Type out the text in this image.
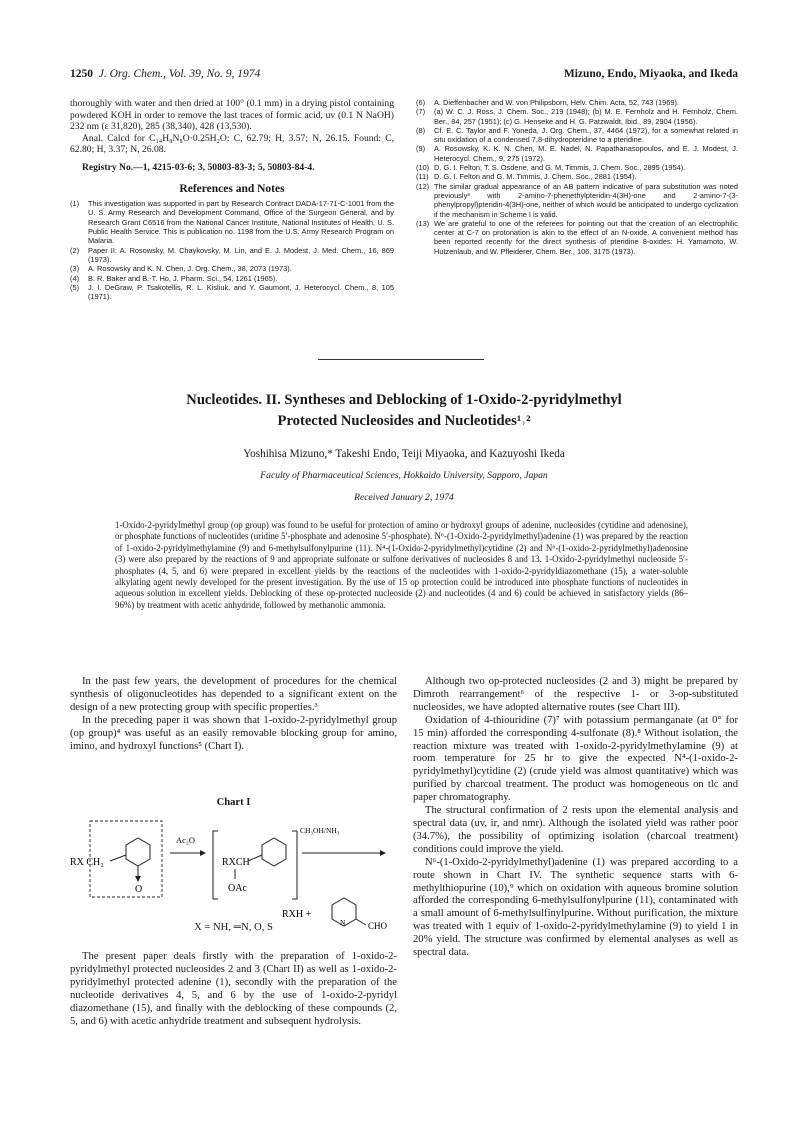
1250 J. Org. Chem., Vol. 39, No. 9, 1974	Mizuno, Endo, Miyaoka, and Ikeda

thoroughly with water and then dried at 100° (0.1 mm) in a drying pistol containing powdered KOH in order to remove the last traces of formic acid, uv (0.1 N NaOH) 232 nm (ε 31,820), 285 (38,340), 428 (13,530).

Anal. Calcd for C₁₄H₈N₈O·0.25H₂O: C, 62.79; H, 3.57; N, 26.15. Found: C, 62.80; H, 3.37; N, 26.08.

Registry No.—1, 4215-03-6; 3, 50803-83-3; 5, 50803-84-4.

References and Notes
(1)	This investigation was supported in part by Research Contract DADA-17-71-C-1001 from the U. S. Army Research and Development Command, Office of the Surgeon General, and by Research Grant C6516 from the National Cancer Institute, National Institutes of Health, U. S. Public Health Service. This is publication no. 1198 from the U.S. Army Research Program on Malaria.
(2)	Paper II: A. Rosowsky, M. Chaykovsky, M. Lin, and E. J. Modest, J. Med. Chem., 16, 869 (1973).
(3)	A. Rosowsky and K. N. Chen, J. Org. Chem., 38, 2073 (1973).
(4)	B. R. Baker and B.-T. Ho, J. Pharm. Sci., 54, 1261 (1965).
(5)	J. I. DeGraw, P. Tsakotellis, R. L. Kisliuk, and Y. Gaumont, J. Heterocycl. Chem., 8, 105 (1971).
(6)	A. Dieffenbacher and W. von Philipsborn, Helv. Chim. Acta, 52, 743 (1969).
(7)	(a) W. C. J. Ross, J. Chem. Soc., 219 (1948); (b) M. E. Fernholz and H. Fernholz, Chem. Ber., 84, 257 (1951); (c) G. Henseke and H. G. Patzwaldt, Ibid., 89, 2904 (1956).
(8)	Cf. E. C. Taylor and F. Yoneda, J. Org. Chem., 37, 4464 (1972), for a somewhat related in situ oxidation of a condensed 7,8-dihydropteridine to a pteridine.
(9)	A. Rosowsky, K. K. N. Chen, M. E. Nadel, N. Papathanasopoulos, and E. J. Modest, J. Heterocycl. Chem., 9, 275 (1972).
(10) D. G. I. Felton, T. S. Osdene, and G. M. Timmis, J. Chem. Soc., 2895 (1954).
(11) D. G. I. Felton and G. M. Timmis, J. Chem. Soc., 2881 (1954).
(12) The similar gradual appearance of an AB pattern indicative of para substitution was noted previously³ with 2-amino-7-phenethylpteridin-4(3H)-one and 2-amino-7-(3-phenylpropyl)pteridin-4(3H)-one, neither of which would be anticipated to undergo cyclization if the mechanism in Scheme I is valid.
(13) We are grateful to one of the referees for pointing out that the creation of an electrophilic center at C-7 on protonation is akin to the effect of an N-oxide. A convenient method has been reported recently for the direct synthesis of pteridine 8-oxides: H. Yamamoto, W. Hutzenlaub, and W. Pfleiderer, Chem. Ber., 106, 3175 (1973).
Nucleotides. II. Syntheses and Deblocking of 1-Oxido-2-pyridylmethyl
Protected Nucleosides and Nucleotides¹˒²
Yoshihisa Mizuno,* Takeshi Endo, Teiji Miyaoka, and Kazuyoshi Ikeda
Faculty of Pharmaceutical Sciences, Hokkaido University, Sapporo, Japan
Received January 2, 1974
1-Oxido-2-pyridylmethyl group (op group) was found to be useful for protection of amino or hydroxyl groups of adenine, nucleosides (cytidine and adenosine), or phosphate functions of nucleotides (uridine 5′-phosphate and adenosine 5′-phosphate). N⁶-(1-Oxido-2-pyridylmethyl)adenine (1) was prepared by the reaction of 1-oxido-2-pyridylmethylamine (9) and 6-methylsulfonylpurine (11). N⁴-(1-Oxido-2-pyridylmethyl)cytidine (2) and N⁶-(1-oxido-2-pyridylmethyl)adenosine (3) were also prepared by the reactions of 9 and appropriate sulfonate or sulfone derivatives of nucleosides 8 and 13. 1-Oxido-2-pyridylmethyl nucleoside 5′-phosphates (4, 5, and 6) were prepared in excellent yields by the reactions of the nucleotides with 1-oxido-2-pyridyldiazomethane (15), a water-soluble alkylating agent newly developed for the present investigation. By the use of 15 op protection could be introduced into phosphate functions of nucleotides in aqueous solution in excellent yields. Deblocking of these op-protected nucleoside (2) and nucleotides (4 and 6) could be achieved in satisfactory yields (86–96%) by treatment with acetic anhydride, followed by methanolic ammonia.

In the past few years, the development of procedures for the chemical synthesis of oligonucleotides has depended to a significant extent on the design of a new protecting group with specific properties.³

In the preceding paper it was shown that 1-oxido-2-pyridylmethyl group (op group)⁴ was useful as an easily removable blocking group for amino, imino, and hydroxyl functions⁵ (Chart I).

Chart I
RX CH₂
O
Ac₂O
RXCH
OAc
CH₃OH/NH₃
RXH +
N	CHO
X = NH, ═N, O, S

The present paper deals firstly with the preparation of 1-oxido-2-pyridylmethyl protected nucleosides 2 and 3 (Chart II) as well as 1-oxido-2-pyridylmethyl protected adenine (1), secondly with the preparation of the nucleotide derivatives 4, 5, and 6 by the use of 1-oxido-2-pyridyl diazomethane (15), and finally with the deblocking of these compounds (2, 5, and 6) with acetic anhydride treatment and subsequent hydrolysis.

Although two op-protected nucleosides (2 and 3) might be prepared by Dimroth rearrangement⁶ of the respective 1- or 3-op-substituted nucleosides, we have adopted alternative routes (see Chart III).

Oxidation of 4-thiouridine (7)⁷ with potassium permanganate (at 0° for 15 min) afforded the corresponding 4-sulfonate (8).⁸ Without isolation, the reaction mixture was treated with 1-oxido-2-pyridylmethylamine (9) at room temperature for 25 hr to give the expected N⁴-(1-oxido-2-pyridylmethyl)cytidine (2) (crude yield was almost quantitative) which was purified by charcoal treatment. The product was homogeneous on tlc and paper chromatography.

The structural confirmation of 2 rests upon the elemental analysis and spectral data (uv, ir, and nmr). Although the isolated yield was rather poor (34.7%), the possibility of optimizing isolation (charcoal treatment) conditions could improve the yield.

N⁶-(1-Oxido-2-pyridylmethyl)adenine (1) was prepared according to a route shown in Chart IV. The synthetic sequence starts with 6-methylthiopurine (10),⁹ which on oxidation with aqueous bromine solution afforded the corresponding 6-methylsulfonylpurine (11), contaminated with a small amount of 6-methylsulfinylpurine. Without purification, the mixture was treated with 1 equiv of 1-oxido-2-pyridylmethylamine (9) to yield 1 in 20% yield. The structure was confirmed by elemental analyses as well as spectral data.
